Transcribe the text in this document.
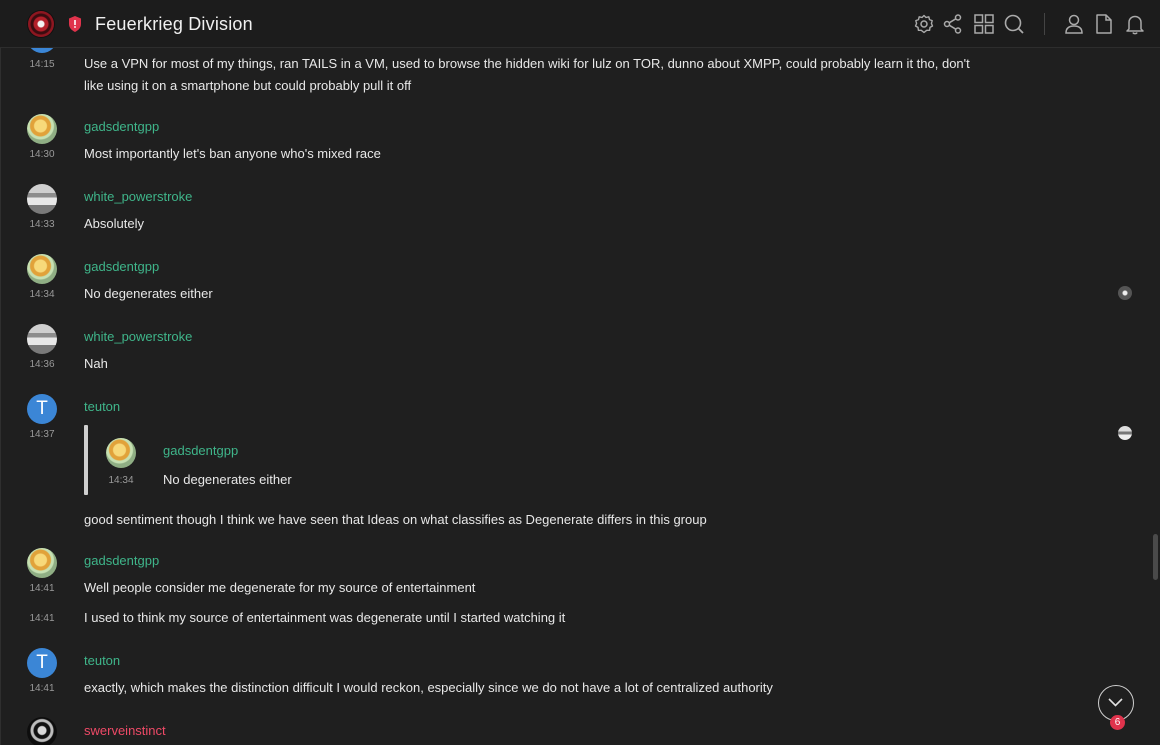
Feuerkrieg Division
14:15	Use a VPN for most of my things, ran TAILS in a VM, used to browse the hidden wiki for lulz on TOR, dunno about XMPP, could probably learn it tho, don't like using it on a smartphone but could probably pull it off
gadsdentgpp
14:30	Most importantly let's ban anyone who's mixed race
white_powerstroke
14:33	Absolutely
gadsdentgpp
14:34	No degenerates either
white_powerstroke
14:36	Nah
T	teuton
14:37
gadsdentgpp
14:34	No degenerates either
good sentiment though I think we have seen that Ideas on what classifies as Degenerate differs in this group
gadsdentgpp
14:41	Well people consider me degenerate for my source of entertainment
14:41	I used to think my source of entertainment was degenerate until I started watching it
T	teuton
14:41	exactly, which makes the distinction difficult I would reckon, especially since we do not have a lot of centralized authority
swerveinstinct
6
